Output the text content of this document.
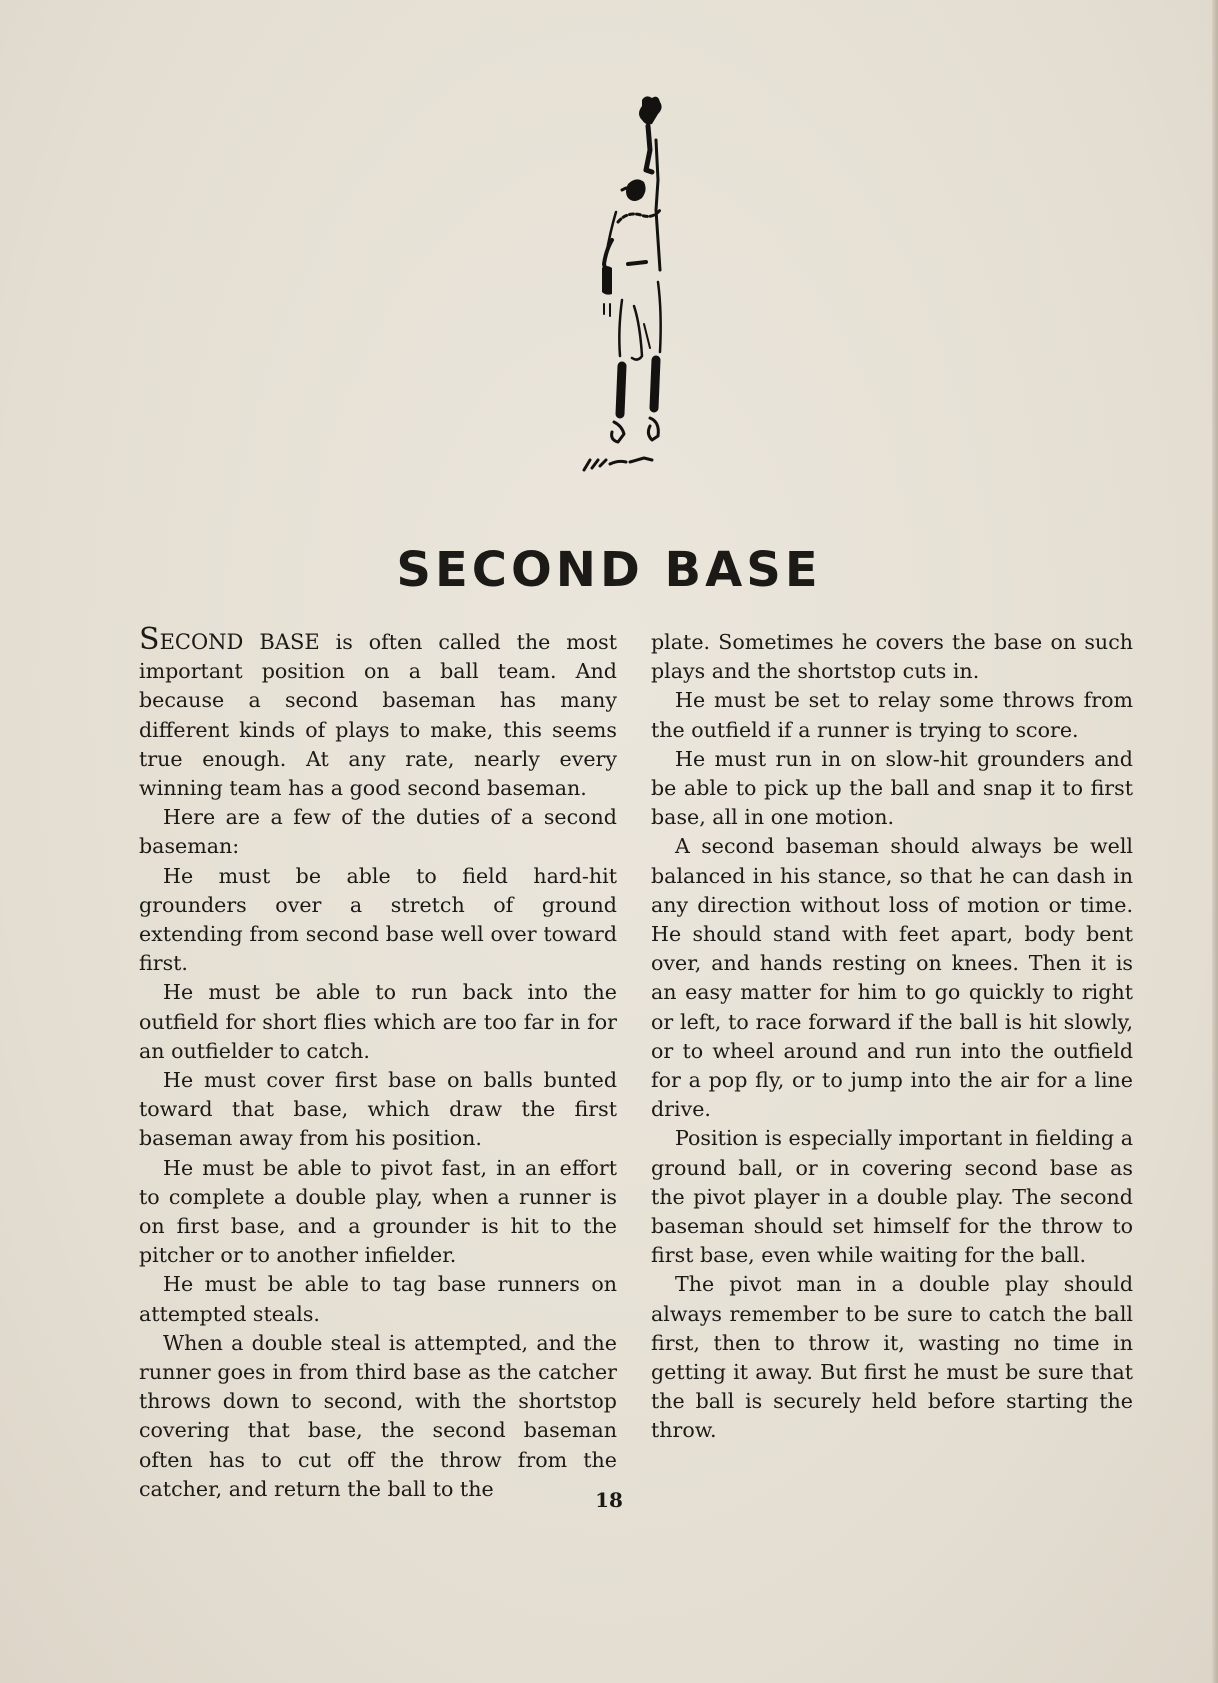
SECOND BASE

SECOND BASE is often called the most important position on a ball team. And because a second baseman has many different kinds of plays to make, this seems true enough. At any rate, nearly every winning team has a good second baseman.

Here are a few of the duties of a second baseman:

He must be able to field hard-hit grounders over a stretch of ground extending from second base well over toward first.

He must be able to run back into the outfield for short flies which are too far in for an outfielder to catch.

He must cover first base on balls bunted toward that base, which draw the first baseman away from his position.

He must be able to pivot fast, in an effort to complete a double play, when a runner is on first base, and a grounder is hit to the pitcher or to another infielder.

He must be able to tag base runners on attempted steals.

When a double steal is attempted, and the runner goes in from third base as the catcher throws down to second, with the shortstop covering that base, the second baseman often has to cut off the throw from the catcher, and return the ball to the

plate. Sometimes he covers the base on such plays and the shortstop cuts in.

He must be set to relay some throws from the outfield if a runner is trying to score.

He must run in on slow-hit grounders and be able to pick up the ball and snap it to first base, all in one motion.

A second baseman should always be well balanced in his stance, so that he can dash in any direction without loss of motion or time. He should stand with feet apart, body bent over, and hands resting on knees. Then it is an easy matter for him to go quickly to right or left, to race forward if the ball is hit slowly, or to wheel around and run into the outfield for a pop fly, or to jump into the air for a line drive.

Position is especially important in fielding a ground ball, or in covering second base as the pivot player in a double play. The second baseman should set himself for the throw to first base, even while waiting for the ball.

The pivot man in a double play should always remember to be sure to catch the ball first, then to throw it, wasting no time in getting it away. But first he must be sure that the ball is securely held before starting the throw.

18
